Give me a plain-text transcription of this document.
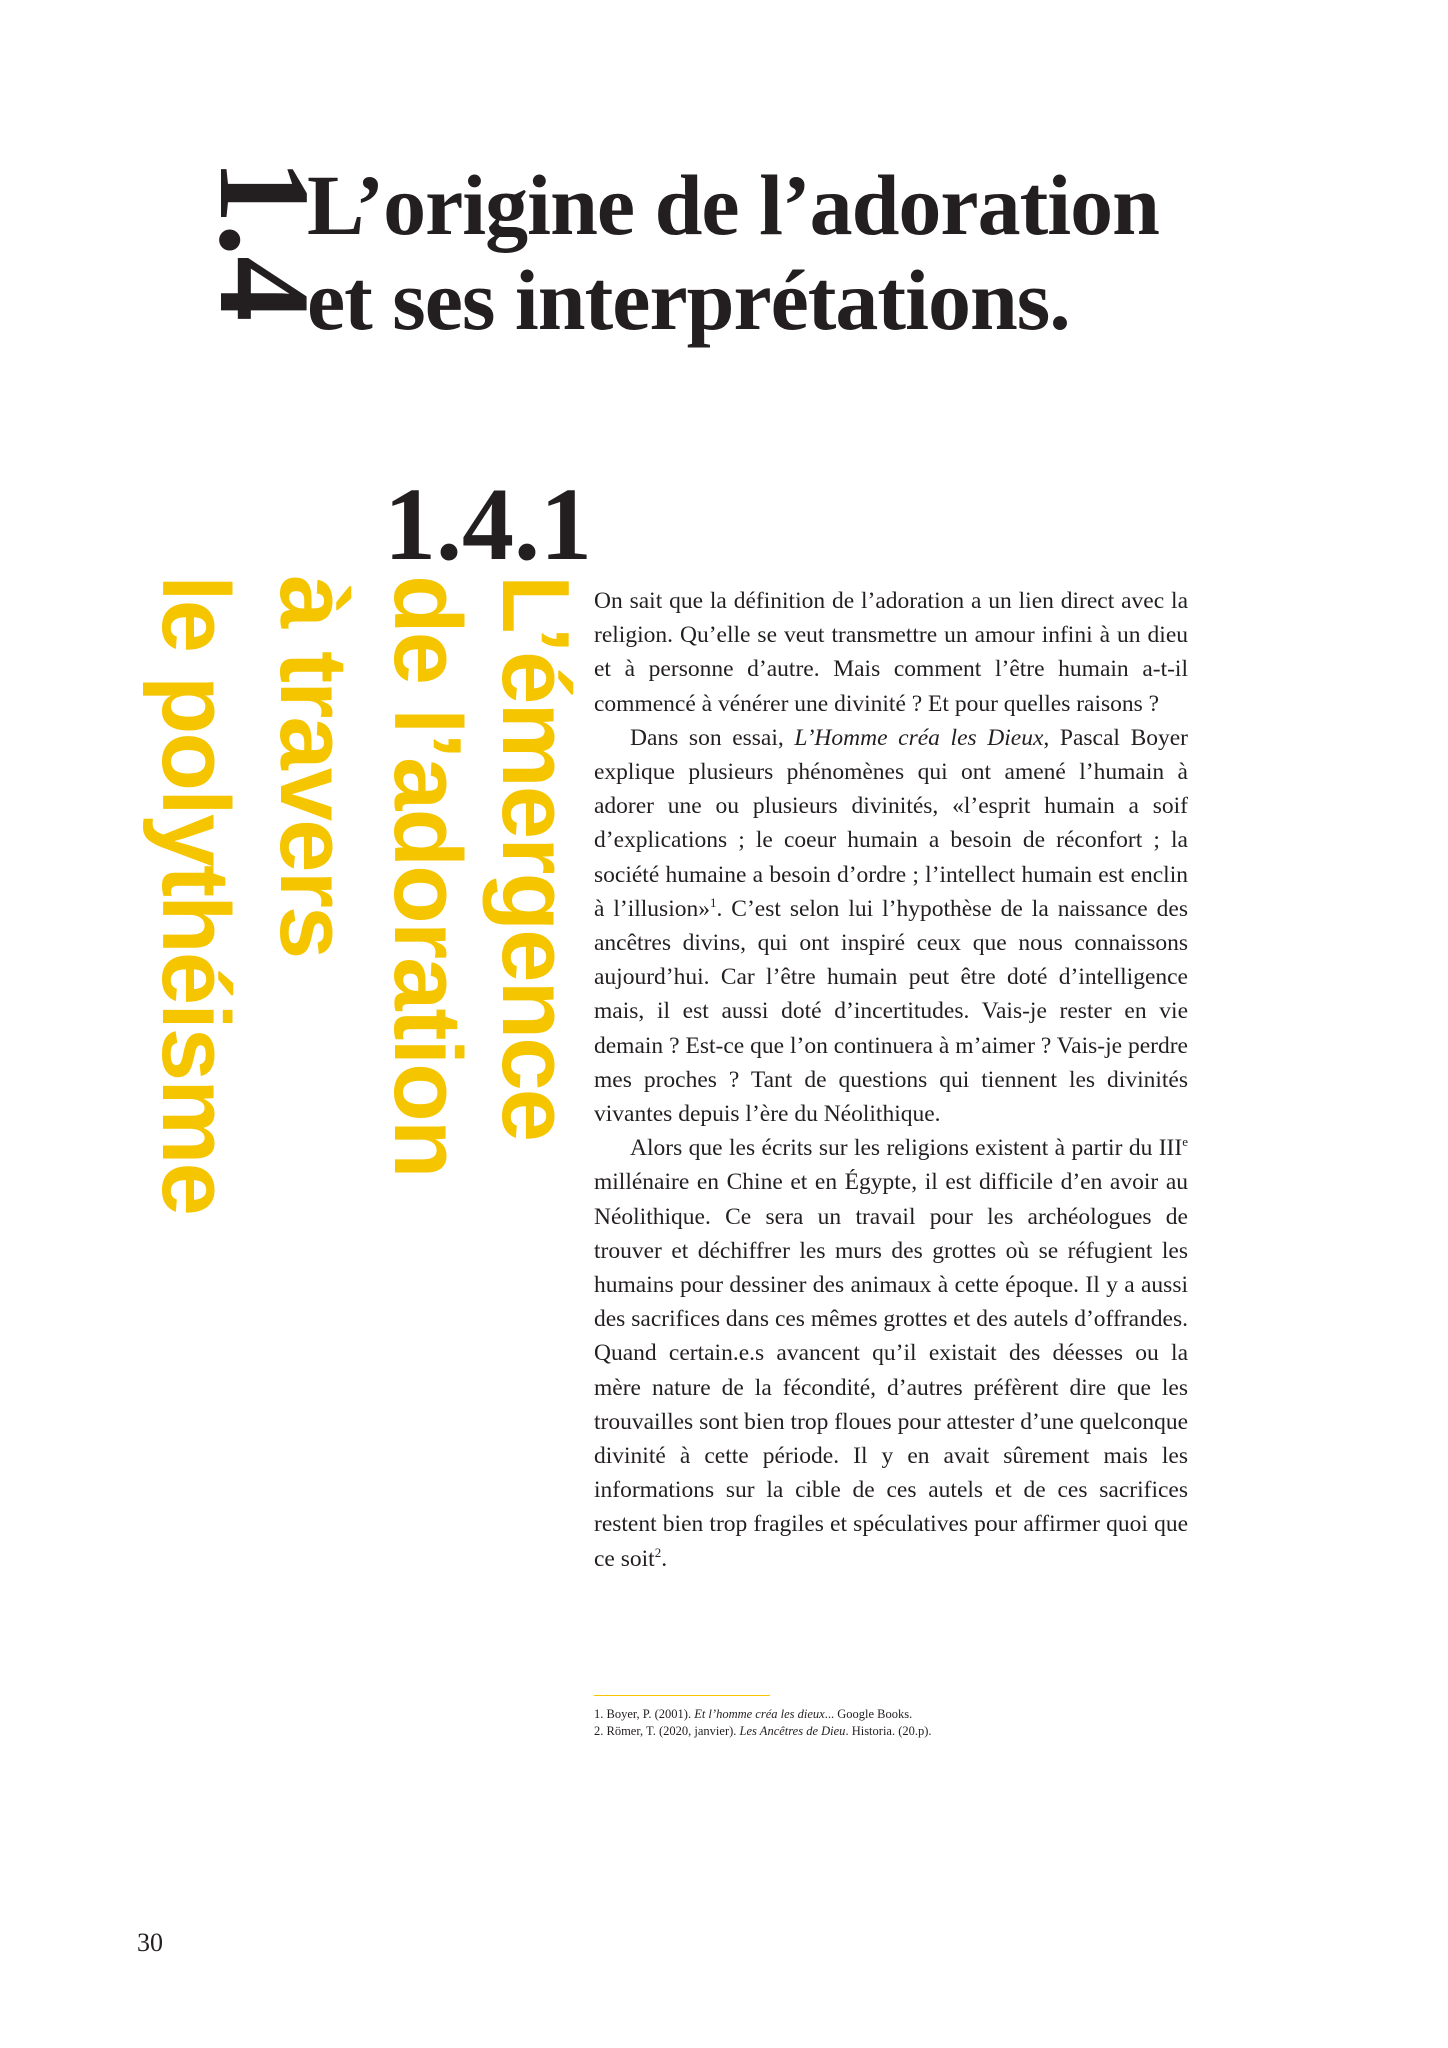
1.4
L’origine de l’adoration
et ses interprétations.
1.4.1
L’émergence
de l’adoration
à travers
le polythéisme	On sait que la définition de l’adoration a un lien direct avec la religion. Qu’elle se veut transmettre un amour infini à un dieu et à personne d’autre. Mais comment l’être humain a-t-il commencé à vénérer une divinité ? Et pour quelles raisons ?

Dans son essai, L’Homme créa les Dieux, Pascal Boyer explique plusieurs phénomènes qui ont amené l’humain à adorer une ou plusieurs divinités, «l’esprit humain a soif d’explications ; le coeur humain a besoin de réconfort ; la société humaine a besoin d’ordre ; l’intellect humain est enclin à l’illusion»$^1$. C’est selon lui l’hypothèse de la naissance des ancêtres divins, qui ont inspiré ceux que nous connaissons aujourd’hui. Car l’être humain peut être doté d’intelligence mais, il est aussi doté d’incertitudes. Vais-je rester en vie demain ? Est-ce que l’on continuera à m’aimer ? Vais-je perdre mes proches ? Tant de questions qui tiennent les divinités vivantes depuis l’ère du Néolithique.

Alors que les écrits sur les religions existent à partir du IIIe millénaire en Chine et en Égypte, il est difficile d’en avoir au Néolithique. Ce sera un travail pour les archéologues de trouver et déchiffrer les murs des grottes où se réfugient les humains pour dessiner des animaux à cette époque. Il y a aussi des sacrifices dans ces mêmes grottes et des autels d’offrandes. Quand certain.e.s avancent qu’il existait des déesses ou la mère nature de la fécondité, d’autres préfèrent dire que les trouvailles sont bien trop floues pour attester d’une quelconque divinité à cette période. Il y en avait sûrement mais les informations sur la cible de ces autels et de ces sacrifices restent bien trop fragiles et spéculatives pour affirmer quoi que ce soit$^2$.

1. Boyer, P. (2001). Et l’homme créa les dieux... Google Books.
2. Römer, T. (2020, janvier). Les Ancêtres de Dieu. Historia. (20.p).
30
